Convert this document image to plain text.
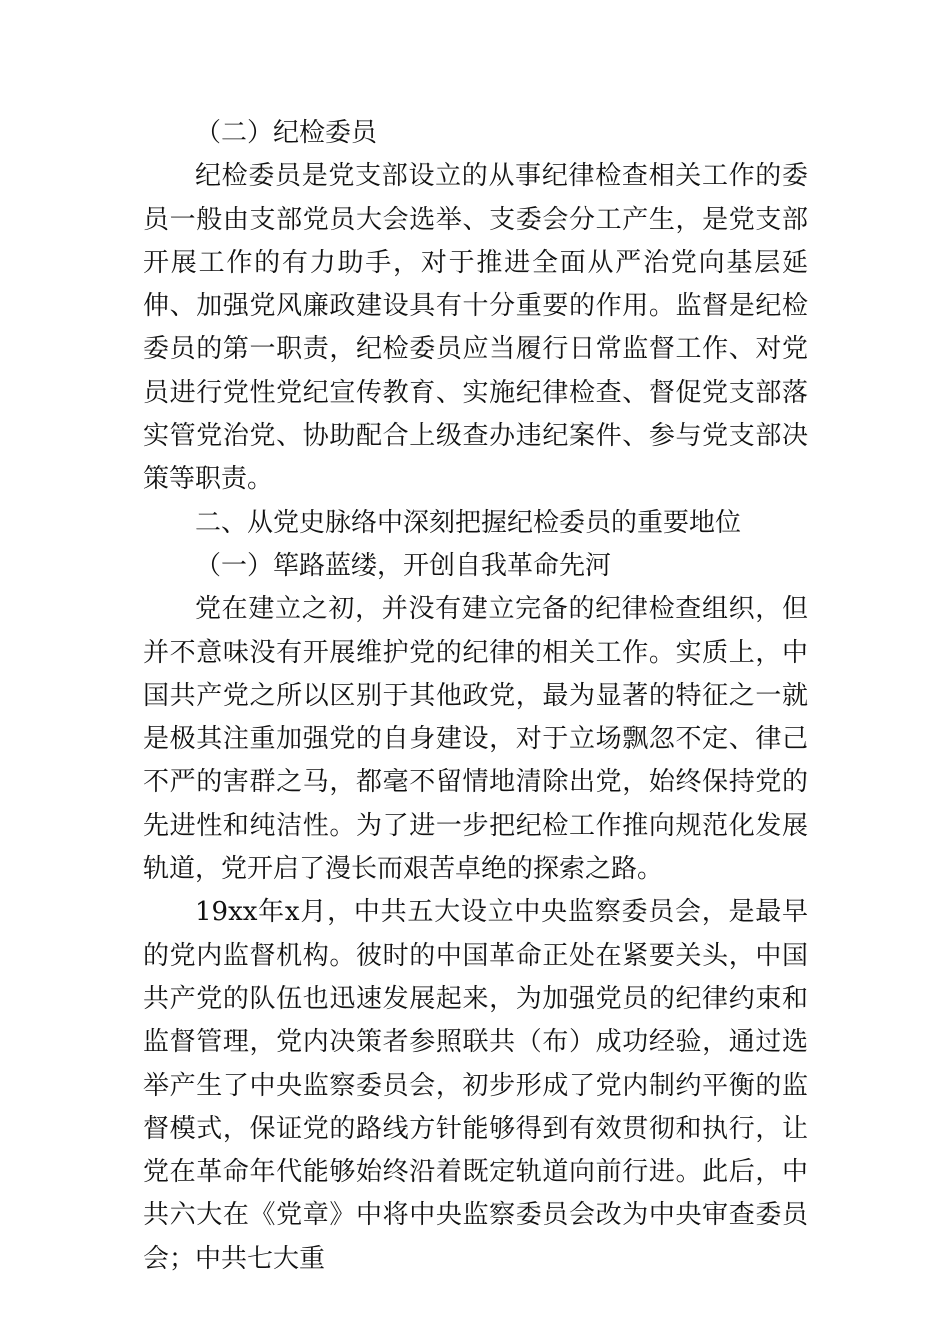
（二）纪检委员

纪检委员是党支部设立的从事纪律检查相关工作的委员一般由支部党员大会选举、支委会分工产生，是党支部开展工作的有力助手，对于推进全面从严治党向基层延伸、加强党风廉政建设具有十分重要的作用。监督是纪检委员的第一职责，纪检委员应当履行日常监督工作、对党员进行党性党纪宣传教育、实施纪律检查、督促党支部落实管党治党、协助配合上级查办违纪案件、参与党支部决策等职责。

二、从党史脉络中深刻把握纪检委员的重要地位

（一）筚路蓝缕，开创自我革命先河

党在建立之初，并没有建立完备的纪律检查组织，但并不意味没有开展维护党的纪律的相关工作。实质上，中国共产党之所以区别于其他政党，最为显著的特征之一就是极其注重加强党的自身建设，对于立场飘忽不定、律己不严的害群之马，都毫不留情地清除出党，始终保持党的先进性和纯洁性。为了进一步把纪检工作推向规范化发展轨道，党开启了漫长而艰苦卓绝的探索之路。

19xx年x月，中共五大设立中央监察委员会，是最早的党内监督机构。彼时的中国革命正处在紧要关头，中国共产党的队伍也迅速发展起来，为加强党员的纪律约束和监督管理，党内决策者参照联共（布）成功经验，通过选举产生了中央监察委员会，初步形成了党内制约平衡的监督模式，保证党的路线方针能够得到有效贯彻和执行，让党在革命年代能够始终沿着既定轨道向前行进。此后，中共六大在《党章》中将中央监察委员会改为中央审查委员会；中共七大重
